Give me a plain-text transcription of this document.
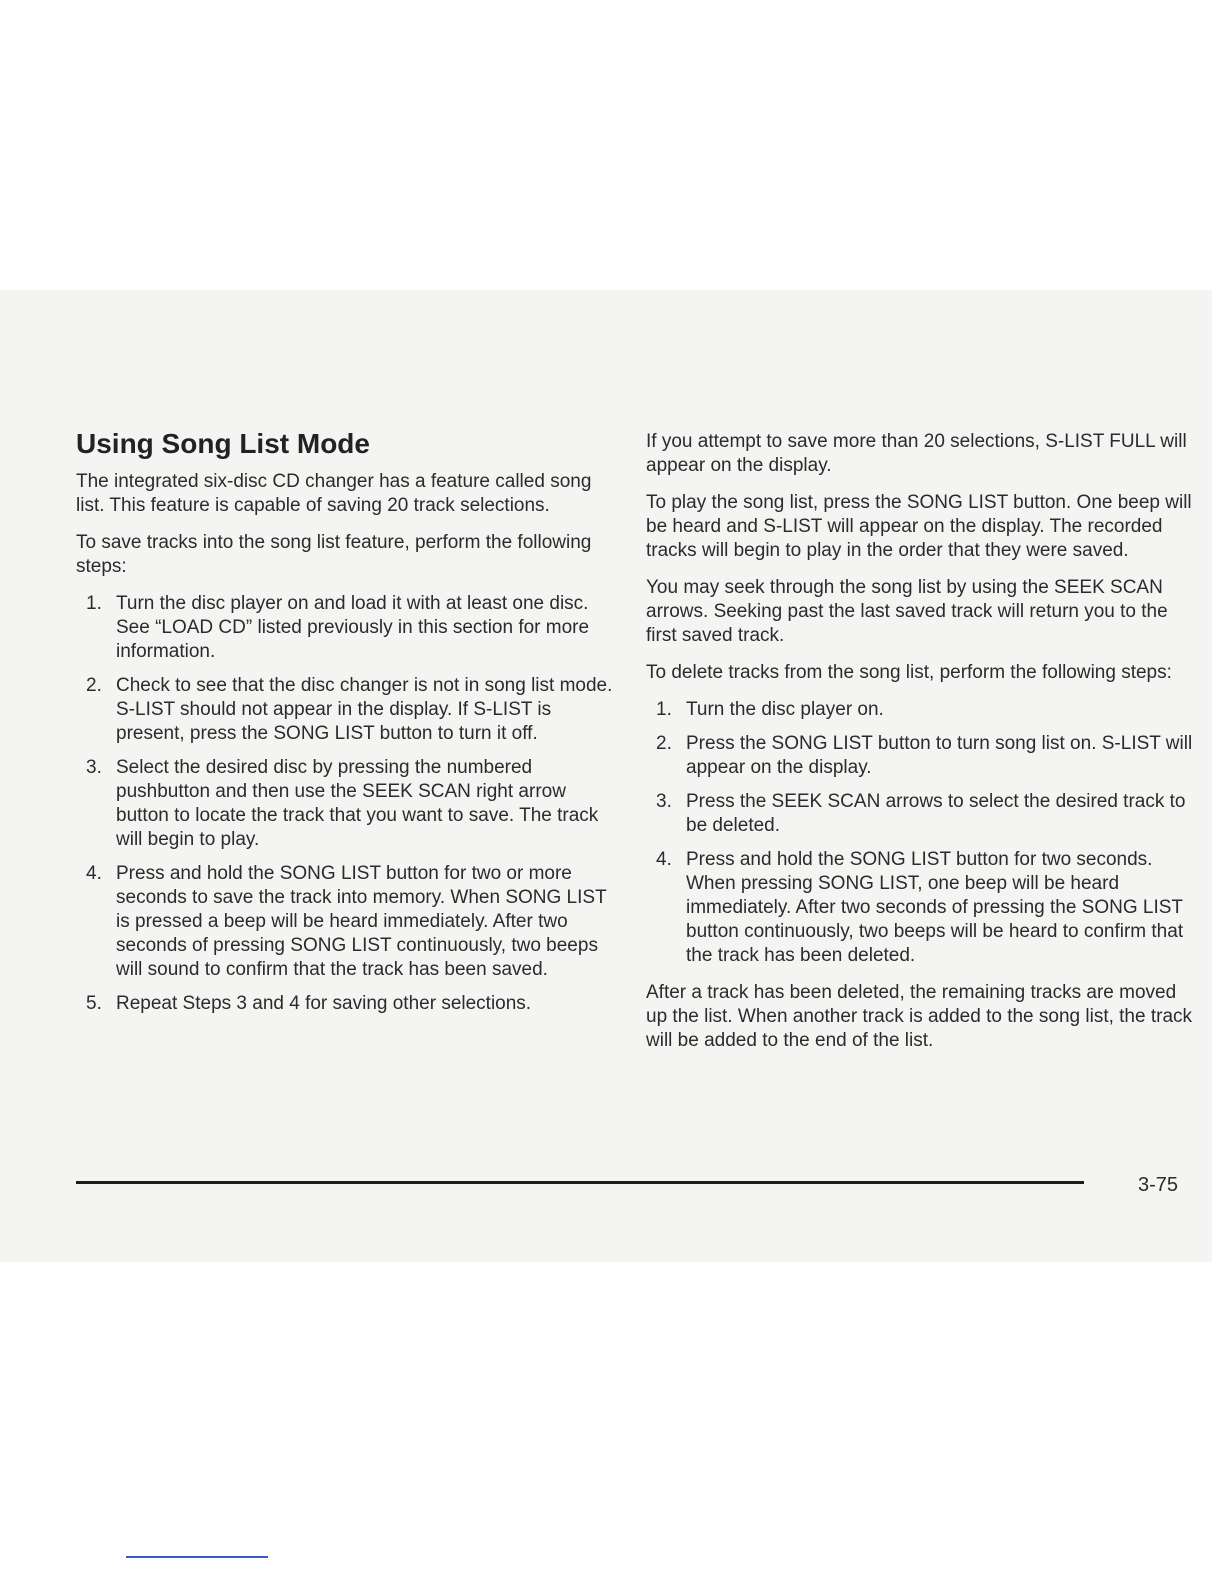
Using Song List Mode

The integrated six-disc CD changer has a feature called song list. This feature is capable of saving 20 track selections.

To save tracks into the song list feature, perform the following steps:

1. Turn the disc player on and load it with at least one disc. See “LOAD CD” listed previously in this section for more information.
2. Check to see that the disc changer is not in song list mode. S-LIST should not appear in the display. If S-LIST is present, press the SONG LIST button to turn it off.
3. Select the desired disc by pressing the numbered pushbutton and then use the SEEK SCAN right arrow button to locate the track that you want to save. The track will begin to play.
4. Press and hold the SONG LIST button for two or more seconds to save the track into memory. When SONG LIST is pressed a beep will be heard immediately. After two seconds of pressing SONG LIST continuously, two beeps will sound to confirm that the track has been saved.
5. Repeat Steps 3 and 4 for saving other selections.

If you attempt to save more than 20 selections, S-LIST FULL will appear on the display.

To play the song list, press the SONG LIST button. One beep will be heard and S-LIST will appear on the display. The recorded tracks will begin to play in the order that they were saved.

You may seek through the song list by using the SEEK SCAN arrows. Seeking past the last saved track will return you to the first saved track.

To delete tracks from the song list, perform the following steps:

1. Turn the disc player on.
2. Press the SONG LIST button to turn song list on. S-LIST will appear on the display.
3. Press the SEEK SCAN arrows to select the desired track to be deleted.
4. Press and hold the SONG LIST button for two seconds. When pressing SONG LIST, one beep will be heard immediately. After two seconds of pressing the SONG LIST button continuously, two beeps will be heard to confirm that the track has been deleted.

After a track has been deleted, the remaining tracks are moved up the list. When another track is added to the song list, the track will be added to the end of the list.

3-75
